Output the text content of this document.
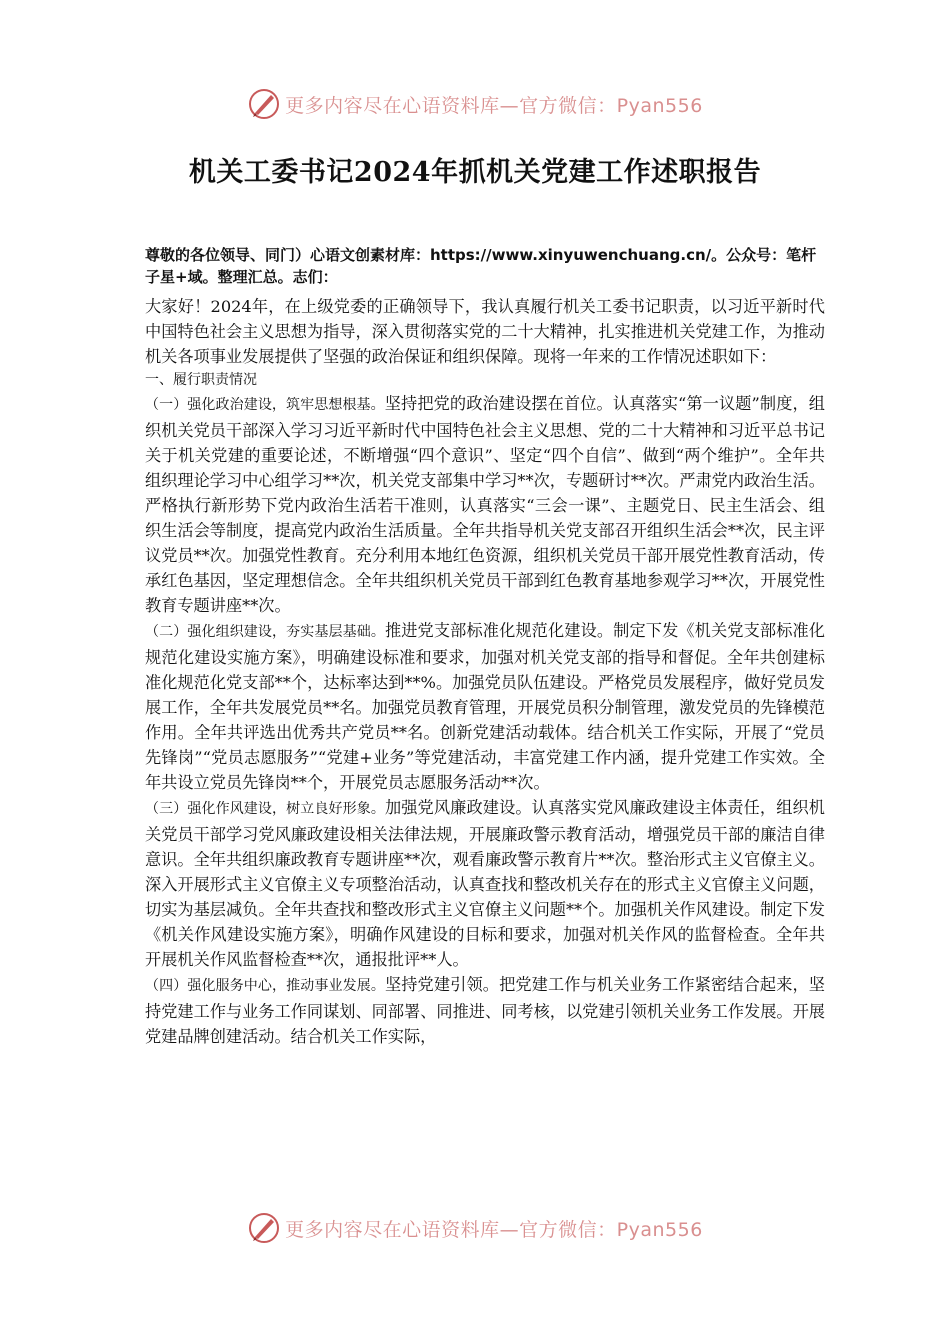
更多内容尽在心语资料库—官方微信：Pyan556
机关工委书记2024年抓机关党建工作述职报告

尊敬的各位领导、同门）心语文创素材库：https://www.xinyuwenchuang.cn/。公众号：笔杆子星+域。整理汇总。志们：

大家好！2024年，在上级党委的正确领导下，我认真履行机关工委书记职责，以习近平新时代中国特色社会主义思想为指导，深入贯彻落实党的二十大精神，扎实推进机关党建工作，为推动机关各项事业发展提供了坚强的政治保证和组织保障。现将一年来的工作情况述职如下：

一、履行职责情况

（一）强化政治建设，筑牢思想根基。坚持把党的政治建设摆在首位。认真落实“第一议题”制度，组织机关党员干部深入学习习近平新时代中国特色社会主义思想、党的二十大精神和习近平总书记关于机关党建的重要论述，不断增强“四个意识”、坚定“四个自信”、做到“两个维护”。全年共组织理论学习中心组学习**次，机关党支部集中学习**次，专题研讨**次。严肃党内政治生活。严格执行新形势下党内政治生活若干准则，认真落实“三会一课”、主题党日、民主生活会、组织生活会等制度，提高党内政治生活质量。全年共指导机关党支部召开组织生活会**次，民主评议党员**次。加强党性教育。充分利用本地红色资源，组织机关党员干部开展党性教育活动，传承红色基因，坚定理想信念。全年共组织机关党员干部到红色教育基地参观学习**次，开展党性教育专题讲座**次。

（二）强化组织建设，夯实基层基础。推进党支部标准化规范化建设。制定下发《机关党支部标准化规范化建设实施方案》，明确建设标准和要求，加强对机关党支部的指导和督促。全年共创建标准化规范化党支部**个，达标率达到**%。加强党员队伍建设。严格党员发展程序，做好党员发展工作，全年共发展党员**名。加强党员教育管理，开展党员积分制管理，激发党员的先锋模范作用。全年共评选出优秀共产党员**名。创新党建活动载体。结合机关工作实际，开展了“党员先锋岗”“党员志愿服务”“党建+业务”等党建活动，丰富党建工作内涵，提升党建工作实效。全年共设立党员先锋岗**个，开展党员志愿服务活动**次。

（三）强化作风建设，树立良好形象。加强党风廉政建设。认真落实党风廉政建设主体责任，组织机关党员干部学习党风廉政建设相关法律法规，开展廉政警示教育活动，增强党员干部的廉洁自律意识。全年共组织廉政教育专题讲座**次，观看廉政警示教育片**次。整治形式主义官僚主义。深入开展形式主义官僚主义专项整治活动，认真查找和整改机关存在的形式主义官僚主义问题，切实为基层减负。全年共查找和整改形式主义官僚主义问题**个。加强机关作风建设。制定下发《机关作风建设实施方案》，明确作风建设的目标和要求，加强对机关作风的监督检查。全年共开展机关作风监督检查**次，通报批评**人。

（四）强化服务中心，推动事业发展。坚持党建引领。把党建工作与机关业务工作紧密结合起来，坚持党建工作与业务工作同谋划、同部署、同推进、同考核，以党建引领机关业务工作发展。开展党建品牌创建活动。结合机关工作实际，

更多内容尽在心语资料库—官方微信：Pyan556
